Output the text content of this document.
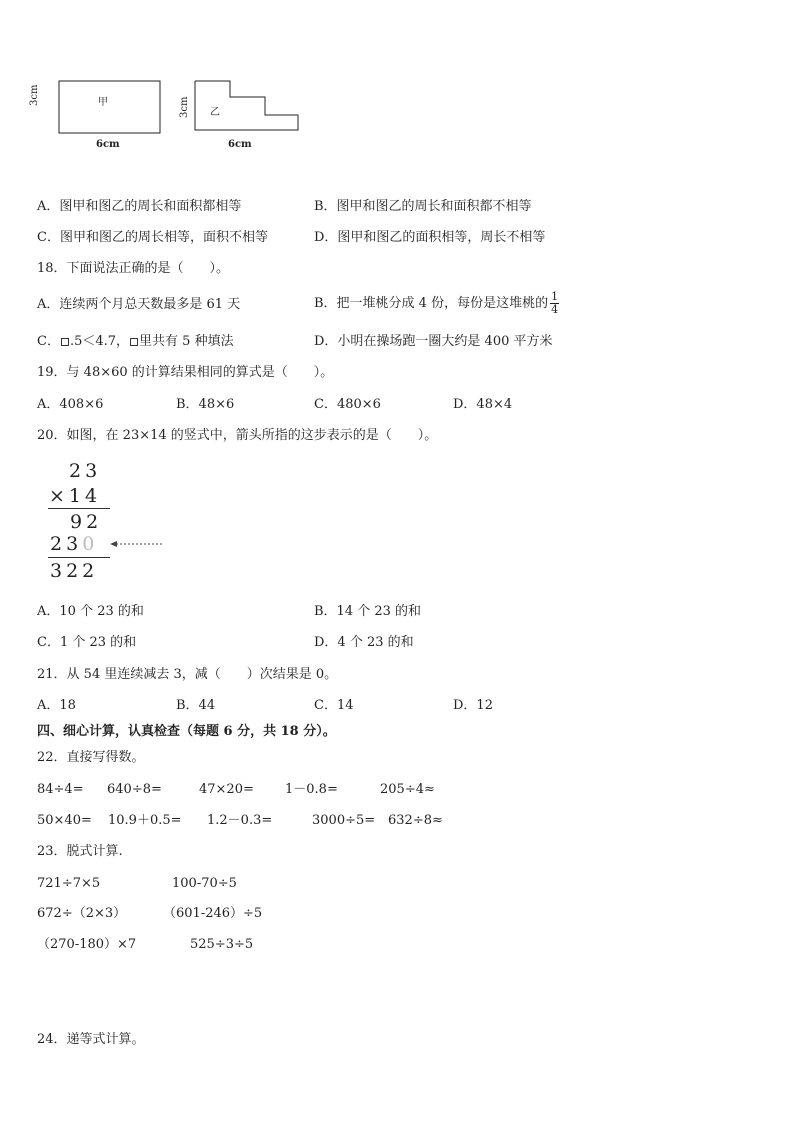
甲
3cm
6cm
乙
3cm
6cm
A．图甲和图乙的周长和面积都相等	B．图甲和图乙的周长和面积都不相等
C．图甲和图乙的周长相等，面积不相等	D．图甲和图乙的面积相等，周长不相等
18．下面说法正确的是（　　）。
A．连续两个月总天数最多是 61 天	B．把一堆桃分成 4 份，每份是这堆桃的 $\frac{1}{4}$
C． .5＜4.7， 里共有 5 种填法	D．小明在操场跑一圈大约是 400 平方米
19．与 48×60 的计算结果相同的算式是（　　）。
A．408×6	B．48×6	C．480×6	D．48×4
20．如图，在 23×14 的竖式中，箭头所指的这步表示的是（　　）。
23
×14
92
230
322
A．10 个 23 的和	B．14 个 23 的和
C．1 个 23 的和	D．4 个 23 的和
21．从 54 里连续减去 3，减（　　）次结果是 0。
A．18	B．44	C．14	D．12
四、细心计算，认真检查（每题 6 分，共 18 分）。
22．直接写得数。
84÷4= 640÷8=	47×20= 1－0.8=	205÷4≈
50×40= 10.9＋0.5= 1.2－0.3=	3000÷5= 632÷8≈
23．脱式计算.
721÷7×5	100-70÷5
672÷（2×3）	（601-246）÷5
（270-180）×7	525÷3÷5
24．递等式计算。
